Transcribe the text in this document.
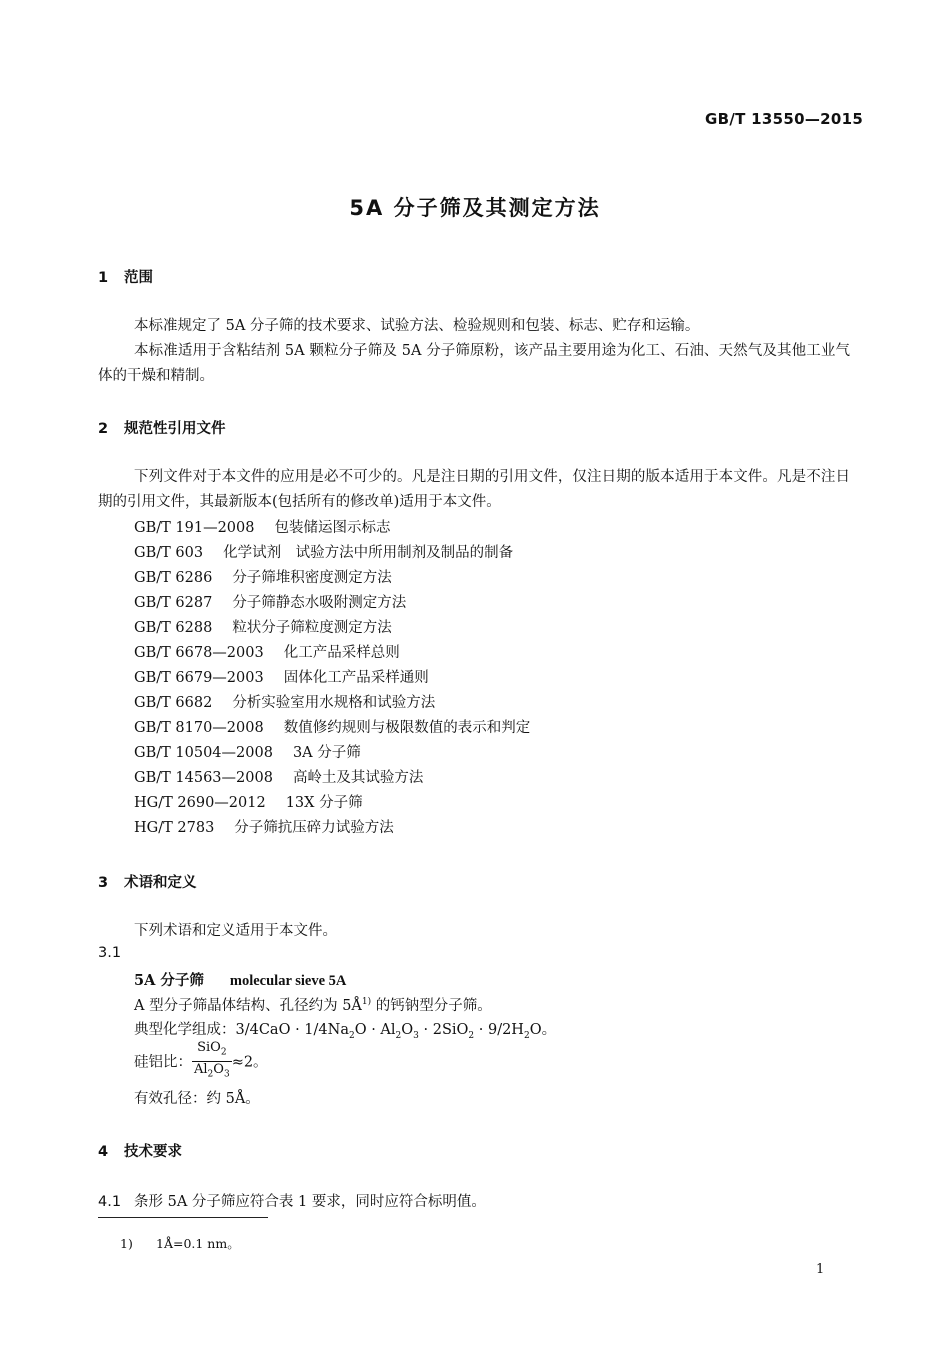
GB/T 13550—2015
5A 分子筛及其测定方法
1 范围
本标准规定了 5A 分子筛的技术要求、试验方法、检验规则和包装、标志、贮存和运输。
本标准适用于含粘结剂 5A 颗粒分子筛及 5A 分子筛原粉，该产品主要用途为化工、石油、天然气及其他工业气体的干燥和精制。
2 规范性引用文件
下列文件对于本文件的应用是必不可少的。凡是注日期的引用文件，仅注日期的版本适用于本文件。凡是不注日期的引用文件，其最新版本(包括所有的修改单)适用于本文件。
GB/T 191—2008 包装储运图示标志
GB/T 603 化学试剂　试验方法中所用制剂及制品的制备
GB/T 6286 分子筛堆积密度测定方法
GB/T 6287 分子筛静态水吸附测定方法
GB/T 6288 粒状分子筛粒度测定方法
GB/T 6678—2003 化工产品采样总则
GB/T 6679—2003 固体化工产品采样通则
GB/T 6682 分析实验室用水规格和试验方法
GB/T 8170—2008 数值修约规则与极限数值的表示和判定
GB/T 10504—2008 3A 分子筛
GB/T 14563—2008 高岭土及其试验方法
HG/T 2690—2012 13X 分子筛
HG/T 2783 分子筛抗压碎力试验方法
3 术语和定义
下列术语和定义适用于本文件。
3.1
5A 分子筛 molecular sieve 5A
A 型分子筛晶体结构、孔径约为 $5Å^{1)}$ 的钙钠型分子筛。
典型化学组成：$3/4CaO \cdot 1/4Na_2O \cdot Al_2O_3 \cdot 2SiO_2 \cdot 9/2H_2O$。
硅铝比： $\frac{SiO_2}{Al_2O_3} \approx 2$。
有效孔径：约 5Å。
4 技术要求
4.1 条形 5A 分子筛应符合表 1 要求，同时应符合标明值。
1) 1Å=0.1 nm。
1
